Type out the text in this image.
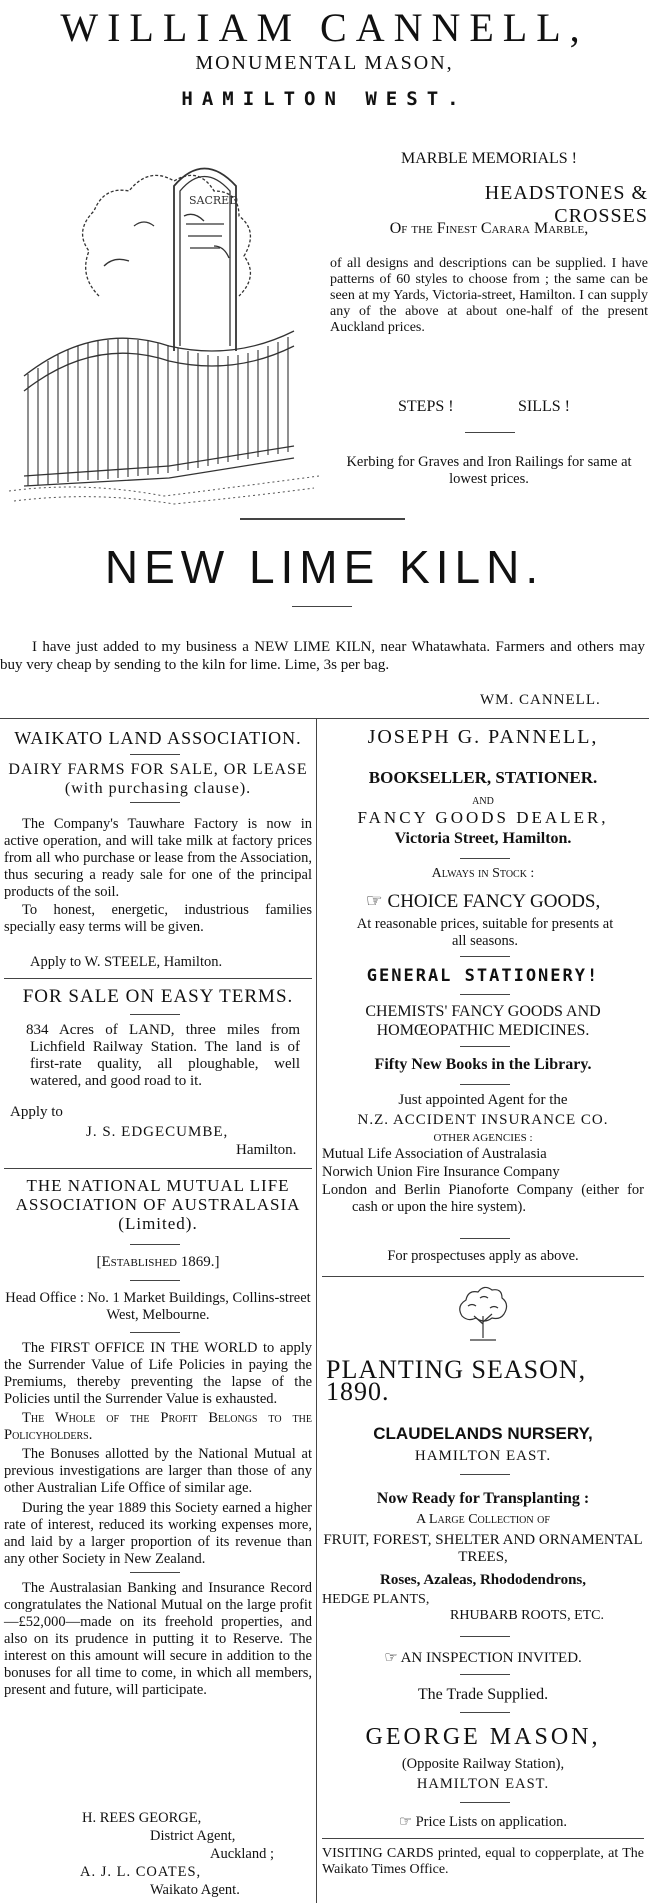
WILLIAM CANNELL,
MONUMENTAL MASON,
HAMILTON WEST.
SACRED
MARBLE MEMORIALS !
HEADSTONES & CROSSES
Of the Finest Carara Marble,
of all designs and descriptions can be supplied. I have patterns of 60 styles to choose from ; the same can be seen at my Yards, Victoria-street, Hamilton. I can supply any of the above at about one-half of the present Auckland prices.
STEPS !	SILLS !
Kerbing for Graves and Iron Railings for same at lowest prices.
NEW LIME KILN.
I have just added to my business a NEW LIME KILN, near Whatawhata. Farmers and others may buy very cheap by sending to the kiln for lime. Lime, 3s per bag.
WM. CANNELL.
WAIKATO LAND ASSOCIATION.
DAIRY FARMS FOR SALE, OR LEASE (with purchasing clause).
The Company's Tauwhare Factory is now in active operation, and will take milk at factory prices from all who purchase or lease from the Association, thus securing a ready sale for one of the principal products of the soil.
To honest, energetic, industrious families specially easy terms will be given.
Apply to W. STEELE, Hamilton.
FOR SALE ON EASY TERMS.
834 Acres of LAND, three miles from Lichfield Railway Station. The land is of first-rate quality, all ploughable, well watered, and good road to it.
Apply to
J. S. EDGECUMBE,
Hamilton.
THE NATIONAL MUTUAL LIFE ASSOCIATION OF AUSTRALASIA (Limited).
[Established 1869.]
Head Office : No. 1 Market Buildings, Collins-street West, Melbourne.
The FIRST OFFICE IN THE WORLD to apply the Surrender Value of Life Policies in paying the Premiums, thereby preventing the lapse of the Policies until the Surrender Value is exhausted.
The Whole of the Profit Belongs to the Policyholders.
The Bonuses allotted by the National Mutual at previous investigations are larger than those of any other Australian Life Office of similar age.
During the year 1889 this Society earned a higher rate of interest, reduced its working expenses more, and laid by a larger proportion of its revenue than any other Society in New Zealand.
The Australasian Banking and Insurance Record congratulates the National Mutual on the large profit—£52,000—made on its freehold properties, and also on its prudence in putting it to Reserve. The interest on this amount will secure in addition to the bonuses for all time to come, in which all members, present and future, will participate.
H. REES GEORGE,
District Agent,
Auckland ;
A. J. L. COATES,
Waikato Agent.
JOSEPH G. PANNELL,
BOOKSELLER, STATIONER.
AND
FANCY GOODS DEALER,
Victoria Street, Hamilton.
Always in Stock :
☞ CHOICE FANCY GOODS,
At reasonable prices, suitable for presents at all seasons.
GENERAL STATIONERY!
CHEMISTS' FANCY GOODS AND HOMŒOPATHIC MEDICINES.
Fifty New Books in the Library.
Just appointed Agent for the
N.Z. ACCIDENT INSURANCE CO.
OTHER AGENCIES :
Mutual Life Association of Australasia
Norwich Union Fire Insurance Company
London and Berlin Pianoforte Company (either for cash or upon the hire system).
For prospectuses apply as above.
PLANTING SEASON, 1890.
CLAUDELANDS NURSERY,
HAMILTON EAST.
Now Ready for Transplanting :
A Large Collection of
FRUIT, FOREST, SHELTER AND ORNAMENTAL TREES,
Roses, Azaleas, Rhododendrons,
HEDGE PLANTS,
RHUBARB ROOTS, ETC.
☞ AN INSPECTION INVITED.
The Trade Supplied.
GEORGE MASON,
(Opposite Railway Station),
HAMILTON EAST.
☞ Price Lists on application.
VISITING CARDS printed, equal to copperplate, at The Waikato Times Office.
